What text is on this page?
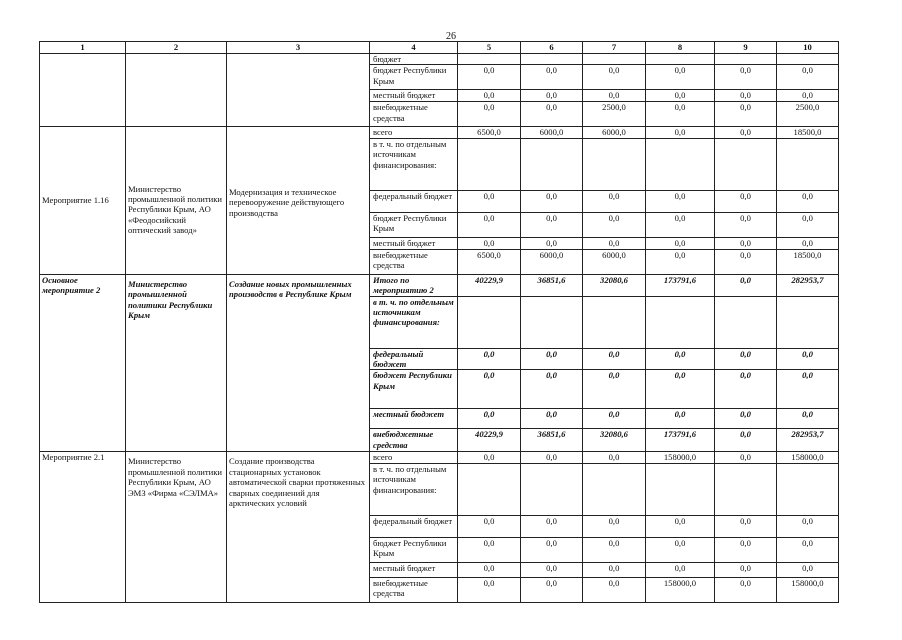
26
1	2	3	4	5	6	7	8	9	10
			бюджет						
			бюджет Республики Крым	0,0	0,0	0,0	0,0	0,0	0,0
			местный бюджет	0,0	0,0	0,0	0,0	0,0	0,0
			внебюджетные средства	0,0	0,0	2500,0	0,0	0,0	2500,0
Мероприятие 1.16	Министерство промышленной политики Республики Крым, АО «Феодосийский оптический завод»	Модернизация и техническое перевооружение действующего производства	всего	6500,0	6000,0	6000,0	0,0	0,0	18500,0
			в т. ч. по отдельным источникам финансирования:						
			федеральный бюджет	0,0	0,0	0,0	0,0	0,0	0,0
			бюджет Республики Крым	0,0	0,0	0,0	0,0	0,0	0,0
			местный бюджет	0,0	0,0	0,0	0,0	0,0	0,0
			внебюджетные средства	6500,0	6000,0	6000,0	0,0	0,0	18500,0
Основное мероприятие 2	Министерство промышленной политики Республики Крым	Создание новых промышленных производств в Республике Крым	Итого по мероприятию 2	40229,9	36851,6	32080,6	173791,6	0,0	282953,7
			в т. ч. по отдельным источникам финансирования:						
			федеральный бюджет	0,0	0,0	0,0	0,0	0,0	0,0
			бюджет Республики Крым	0,0	0,0	0,0	0,0	0,0	0,0
			местный бюджет	0,0	0,0	0,0	0,0	0,0	0,0
			внебюджетные средства	40229,9	36851,6	32080,6	173791,6	0,0	282953,7
Мероприятие 2.1	Министерство промышленной политики Республики Крым, АО ЭМЗ «Фирма «СЭЛМА»	Создание производства стационарных установок автоматической сварки протяженных сварных соединений для арктических условий	всего	0,0	0,0	0,0	158000,0	0,0	158000,0
			в т. ч. по отдельным источникам финансирования:						
			федеральный бюджет	0,0	0,0	0,0	0,0	0,0	0,0
			бюджет Республики Крым	0,0	0,0	0,0	0,0	0,0	0,0
			местный бюджет	0,0	0,0	0,0	0,0	0,0	0,0
			внебюджетные средства	0,0	0,0	0,0	158000,0	0,0	158000,0
